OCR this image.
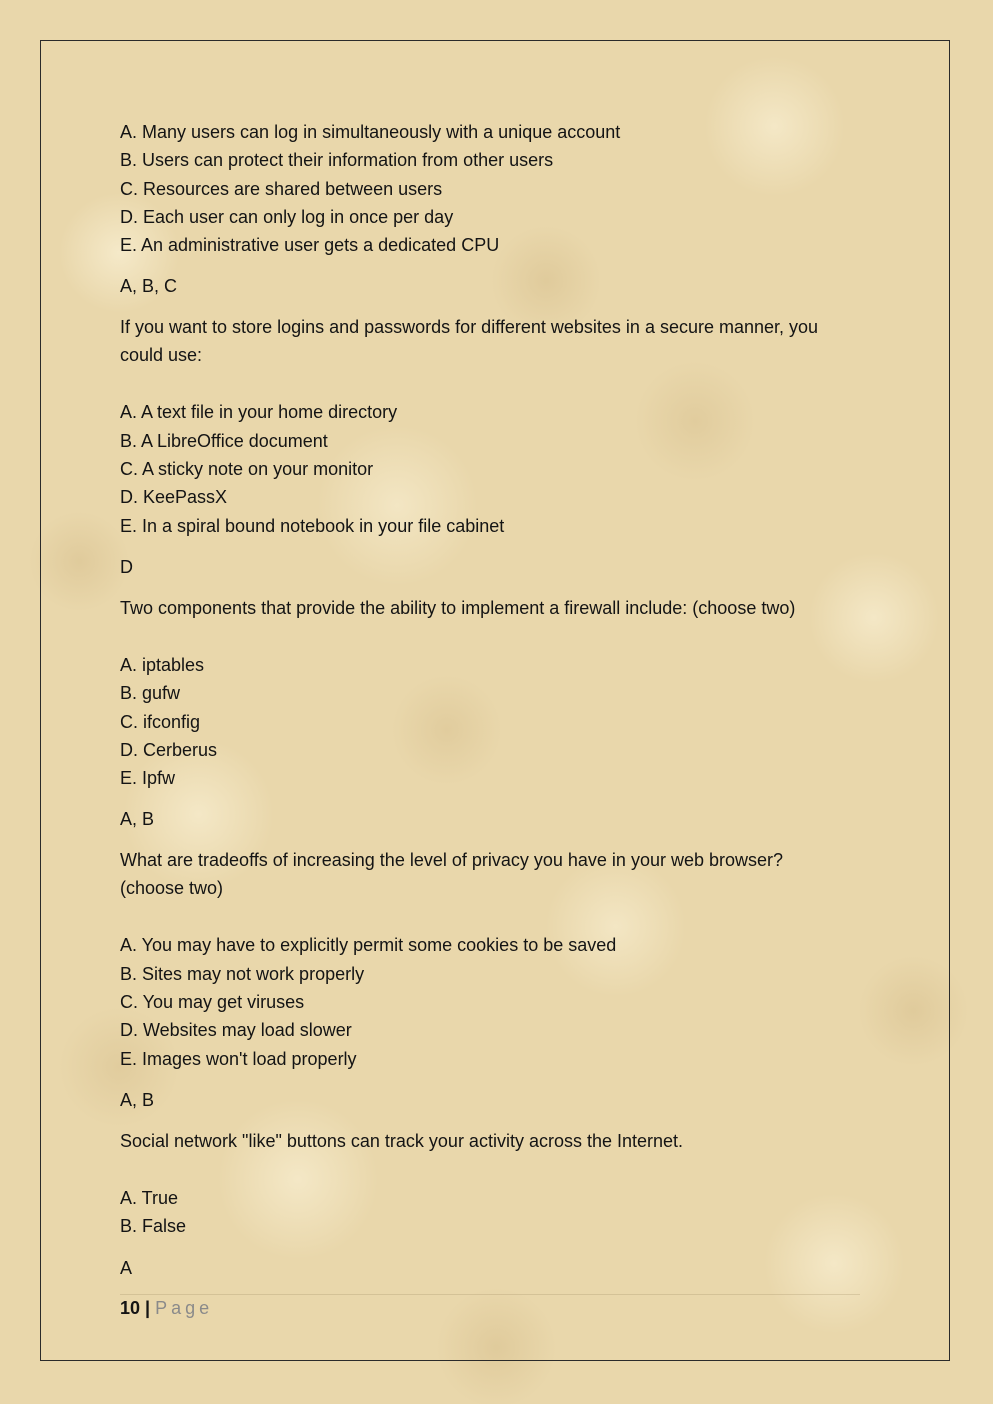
A. Many users can log in simultaneously with a unique account
B. Users can protect their information from other users
C. Resources are shared between users
D. Each user can only log in once per day
E. An administrative user gets a dedicated CPU
A, B, C
If you want to store logins and passwords for different websites in a secure manner, you
could use:
A. A text file in your home directory
B. A LibreOffice document
C. A sticky note on your monitor
D. KeePassX
E. In a spiral bound notebook in your file cabinet
D
Two components that provide the ability to implement a firewall include: (choose two)
A. iptables
B. gufw
C. ifconfig
D. Cerberus
E. Ipfw
A, B
What are tradeoffs of increasing the level of privacy you have in your web browser?
(choose two)
A. You may have to explicitly permit some cookies to be saved
B. Sites may not work properly
C. You may get viruses
D. Websites may load slower
E. Images won't load properly
A, B
Social network "like" buttons can track your activity across the Internet.
A. True
B. False
A
10 | Page
